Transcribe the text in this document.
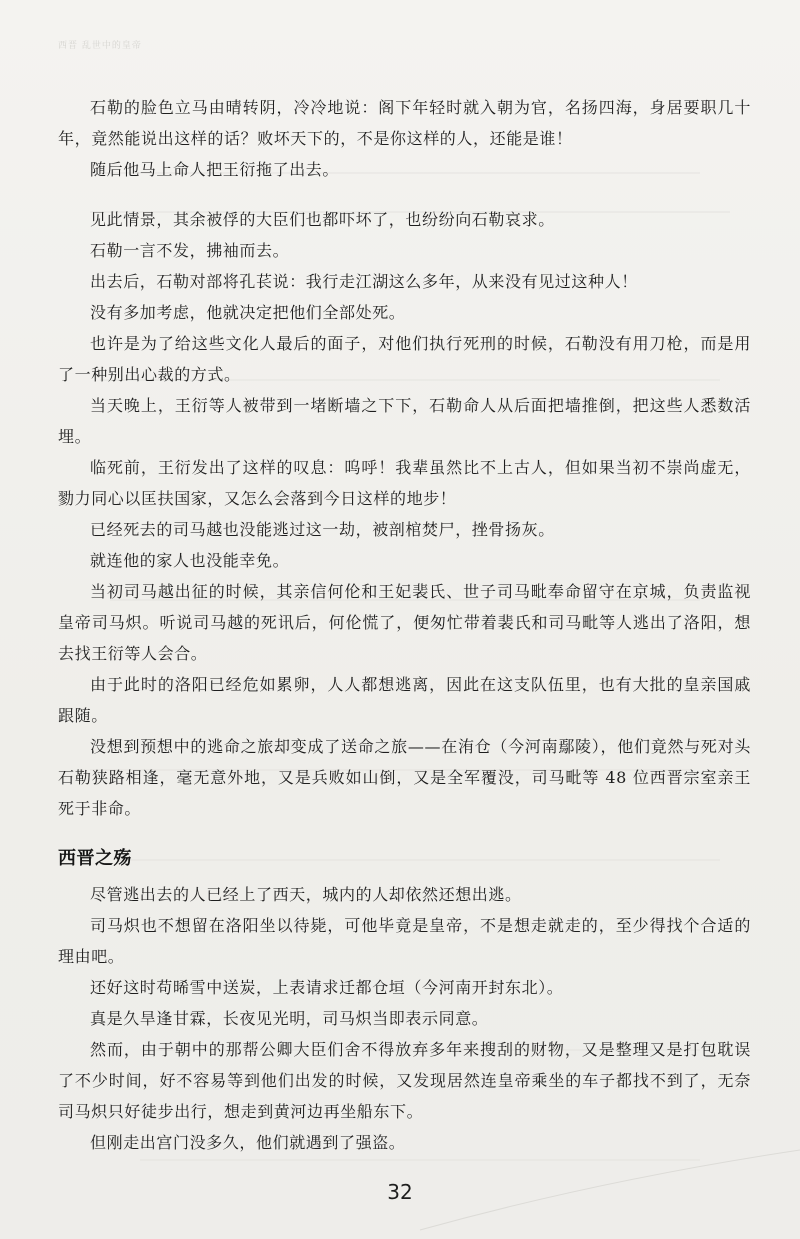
西晋 乱世中的皇帝

石勒的脸色立马由晴转阴，冷冷地说：阁下年轻时就入朝为官，名扬四海，身居要职几十年，竟然能说出这样的话？败坏天下的，不是你这样的人，还能是谁！

随后他马上命人把王衍拖了出去。

见此情景，其余被俘的大臣们也都吓坏了，也纷纷向石勒哀求。

石勒一言不发，拂袖而去。

出去后，石勒对部将孔苌说：我行走江湖这么多年，从来没有见过这种人！

没有多加考虑，他就决定把他们全部处死。

也许是为了给这些文化人最后的面子，对他们执行死刑的时候，石勒没有用刀枪，而是用了一种别出心裁的方式。

当天晚上，王衍等人被带到一堵断墙之下下，石勒命人从后面把墙推倒，把这些人悉数活埋。

临死前，王衍发出了这样的叹息：呜呼！我辈虽然比不上古人，但如果当初不崇尚虚无，勠力同心以匡扶国家，又怎么会落到今日这样的地步！

已经死去的司马越也没能逃过这一劫，被剖棺焚尸，挫骨扬灰。

就连他的家人也没能幸免。

当初司马越出征的时候，其亲信何伦和王妃裴氏、世子司马毗奉命留守在京城，负责监视皇帝司马炽。听说司马越的死讯后，何伦慌了，便匆忙带着裴氏和司马毗等人逃出了洛阳，想去找王衍等人会合。

由于此时的洛阳已经危如累卵，人人都想逃离，因此在这支队伍里，也有大批的皇亲国戚跟随。

没想到预想中的逃命之旅却变成了送命之旅——在洧仓（今河南鄢陵），他们竟然与死对头石勒狭路相逢，毫无意外地，又是兵败如山倒，又是全军覆没，司马毗等 48 位西晋宗室亲王死于非命。

西晋之殇

尽管逃出去的人已经上了西天，城内的人却依然还想出逃。

司马炽也不想留在洛阳坐以待毙，可他毕竟是皇帝，不是想走就走的，至少得找个合适的理由吧。

还好这时苟晞雪中送炭，上表请求迁都仓垣（今河南开封东北）。

真是久旱逢甘霖，长夜见光明，司马炽当即表示同意。

然而，由于朝中的那帮公卿大臣们舍不得放弃多年来搜刮的财物，又是整理又是打包耽误了不少时间，好不容易等到他们出发的时候，又发现居然连皇帝乘坐的车子都找不到了，无奈司马炽只好徒步出行，想走到黄河边再坐船东下。

但刚走出宫门没多久，他们就遇到了强盗。

32
